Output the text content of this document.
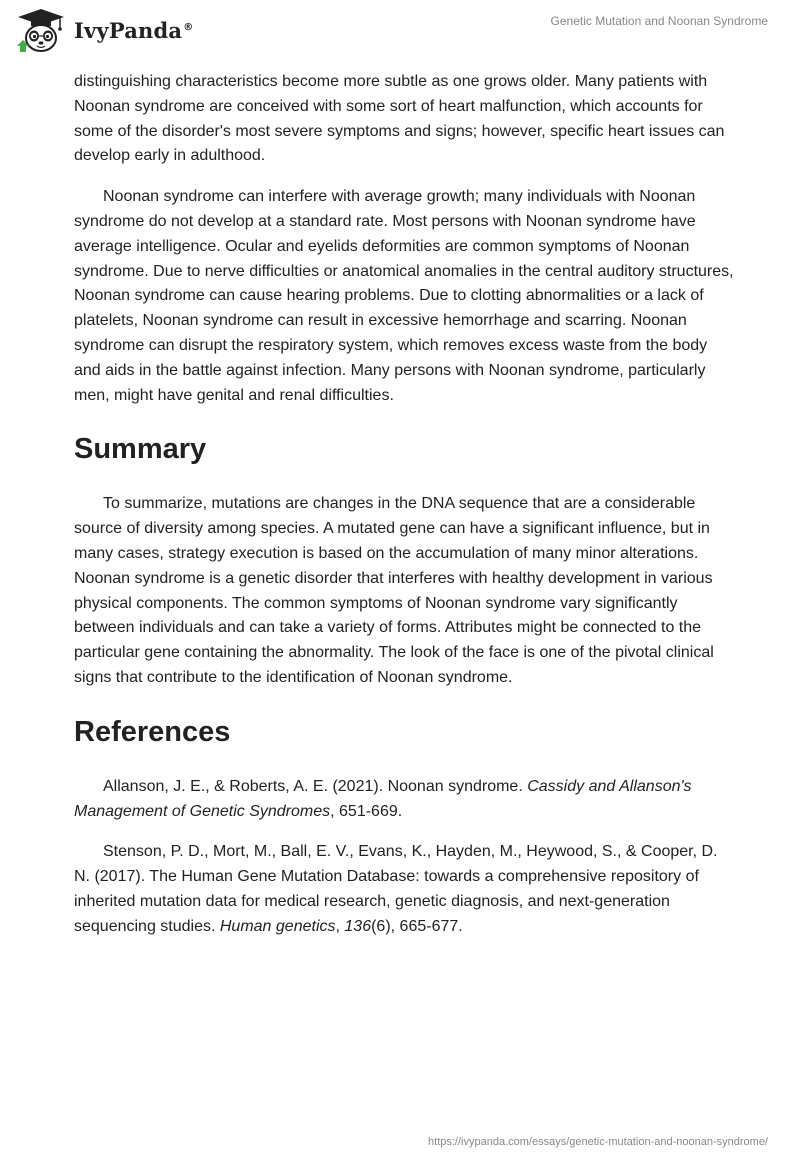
IvyPanda®	Genetic Mutation and Noonan Syndrome

distinguishing characteristics become more subtle as one grows older. Many patients with Noonan syndrome are conceived with some sort of heart malfunction, which accounts for some of the disorder's most severe symptoms and signs; however, specific heart issues can develop early in adulthood.

Noonan syndrome can interfere with average growth; many individuals with Noonan syndrome do not develop at a standard rate. Most persons with Noonan syndrome have average intelligence. Ocular and eyelids deformities are common symptoms of Noonan syndrome. Due to nerve difficulties or anatomical anomalies in the central auditory structures, Noonan syndrome can cause hearing problems. Due to clotting abnormalities or a lack of platelets, Noonan syndrome can result in excessive hemorrhage and scarring. Noonan syndrome can disrupt the respiratory system, which removes excess waste from the body and aids in the battle against infection. Many persons with Noonan syndrome, particularly men, might have genital and renal difficulties.

Summary

To summarize, mutations are changes in the DNA sequence that are a considerable source of diversity among species. A mutated gene can have a significant influence, but in many cases, strategy execution is based on the accumulation of many minor alterations. Noonan syndrome is a genetic disorder that interferes with healthy development in various physical components. The common symptoms of Noonan syndrome vary significantly between individuals and can take a variety of forms. Attributes might be connected to the particular gene containing the abnormality. The look of the face is one of the pivotal clinical signs that contribute to the identification of Noonan syndrome.

References

Allanson, J. E., & Roberts, A. E. (2021). Noonan syndrome. Cassidy and Allanson's Management of Genetic Syndromes, 651-669.

Stenson, P. D., Mort, M., Ball, E. V., Evans, K., Hayden, M., Heywood, S., & Cooper, D. N. (2017). The Human Gene Mutation Database: towards a comprehensive repository of inherited mutation data for medical research, genetic diagnosis, and next-generation sequencing studies. Human genetics, 136(6), 665-677.

https://ivypanda.com/essays/genetic-mutation-and-noonan-syndrome/
